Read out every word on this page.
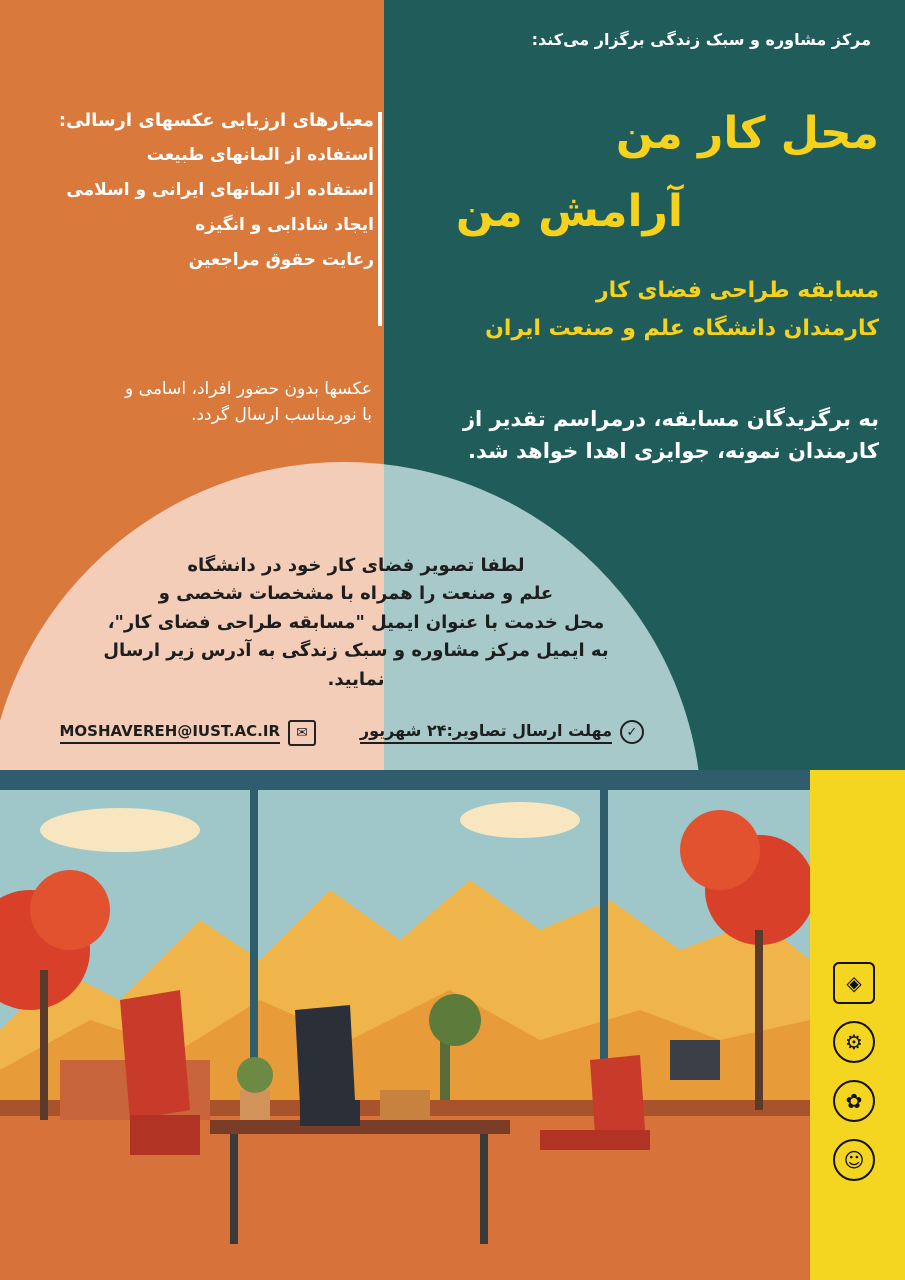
مرکز مشاوره و سبک زندگی برگزار می‌کند:
محل کار من
آرامش من
مسابقه طراحی فضای کار
کارمندان دانشگاه علم و صنعت ایران
به برگزیدگان مسابقه، درمراسم تقدیر از
کارمندان نمونه، جوایزی اهدا خواهد شد.
معیارهای ارزیابی عکسهای ارسالی:
استفاده از المانهای طبیعت
استفاده از المانهای ایرانی و اسلامی
ایجاد شادابی و انگیزه
رعایت حقوق مراجعین
عکسها بدون حضور افراد، اسامی و
با نورمناسب ارسال گردد.
لطفا تصویر فضای کار خود در دانشگاه
علم و صنعت را همراه با مشخصات شخصی و
محل خدمت با عنوان ایمیل "مسابقه طراحی فضای کار"،
به ایمیل مرکز مشاوره و سبک زندگی به آدرس زیر ارسال
نمایید.
✓
مهلت ارسال تصاویر:۲۴ شهریور
✉
MOSHAVEREH@IUST.AC.IR
◈
⚙
✿
☺
